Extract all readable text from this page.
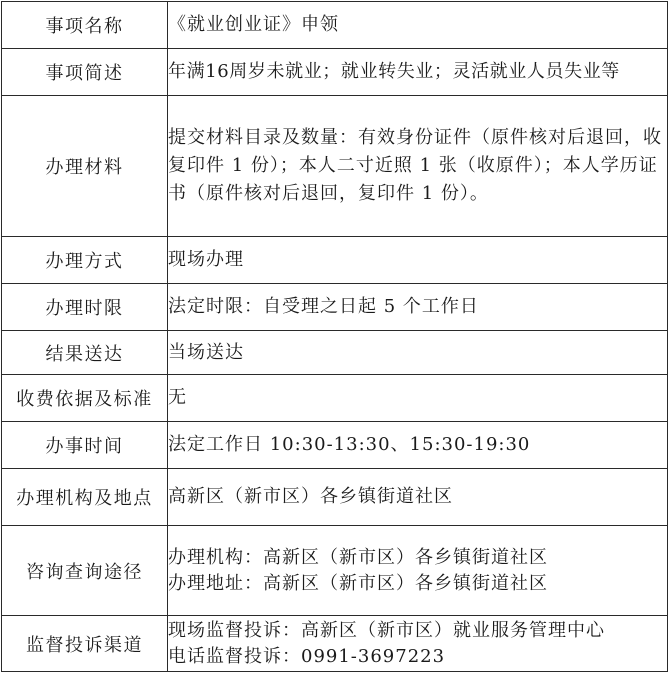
事项名称	《就业创业证》申领

事项简述	年满16周岁未就业；就业转失业；灵活就业人员失业等

办理材料	提交材料目录及数量：有效身份证件（原件核对后退回，收复印件 1 份）；本人二寸近照 1 张（收原件）；本人学历证书（原件核对后退回，复印件 1 份）。
办理方式	现场办理

办理时限	法定时限：自受理之日起 5 个工作日

结果送达	当场送达

收费依据及标准	无

办事时间	法定工作日 10:30-13:30、15:30-19:30

办理机构及地点	高新区（新市区）各乡镇街道社区

咨询查询途径	办理机构：高新区（新市区）各乡镇街道社区
办理地址：高新区（新市区）各乡镇街道社区

监督投诉渠道	现场监督投诉：高新区（新市区）就业服务管理中心
电话监督投诉：0991-3697223
